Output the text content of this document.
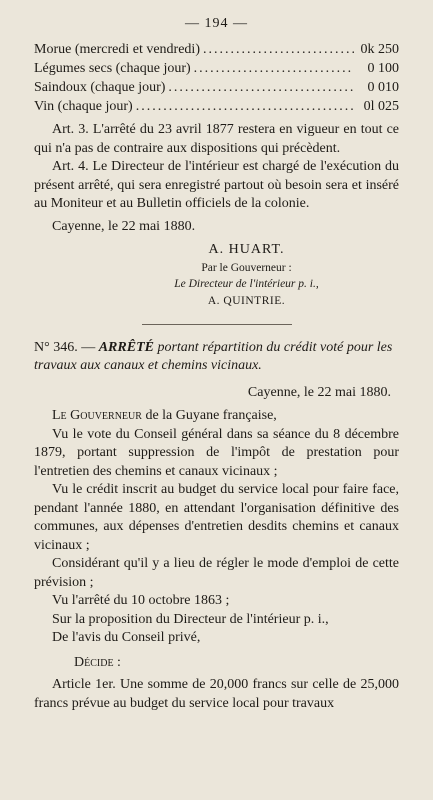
— 194 —
Morue (mercredi et vendredi) .....	0k 250
Légumes secs (chaque jour) .....	0 100
Saindoux (chaque jour) .....	0 010
Vin (chaque jour) .....	0l 025

Art. 3. L'arrêté du 23 avril 1877 restera en vigueur en tout ce qui n'a pas de contraire aux dispositions qui précèdent.

Art. 4. Le Directeur de l'intérieur est chargé de l'exécution du présent arrêté, qui sera enregistré partout où besoin sera et inséré au Moniteur et au Bulletin officiels de la colonie.

Cayenne, le 22 mai 1880.

A. HUART.
Par le Gouverneur :
Le Directeur de l'intérieur p. i.,
A. QUINTRIE.

N° 346. — ARRÊTÉ portant répartition du crédit voté pour les travaux aux canaux et chemins vicinaux.

Cayenne, le 22 mai 1880.

Le Gouverneur de la Guyane française,

Vu le vote du Conseil général dans sa séance du 8 décembre 1879, portant suppression de l'impôt de prestation pour l'entretien des chemins et canaux vicinaux ;

Vu le crédit inscrit au budget du service local pour faire face, pendant l'année 1880, en attendant l'organisation définitive des communes, aux dépenses d'entretien desdits chemins et canaux vicinaux ;

Considérant qu'il y a lieu de régler le mode d'emploi de cette prévision ;

Vu l'arrêté du 10 octobre 1863 ;

Sur la proposition du Directeur de l'intérieur p. i.,

De l'avis du Conseil privé,

Décide :

Article 1er. Une somme de 20,000 francs sur celle de 25,000 francs prévue au budget du service local pour travaux
